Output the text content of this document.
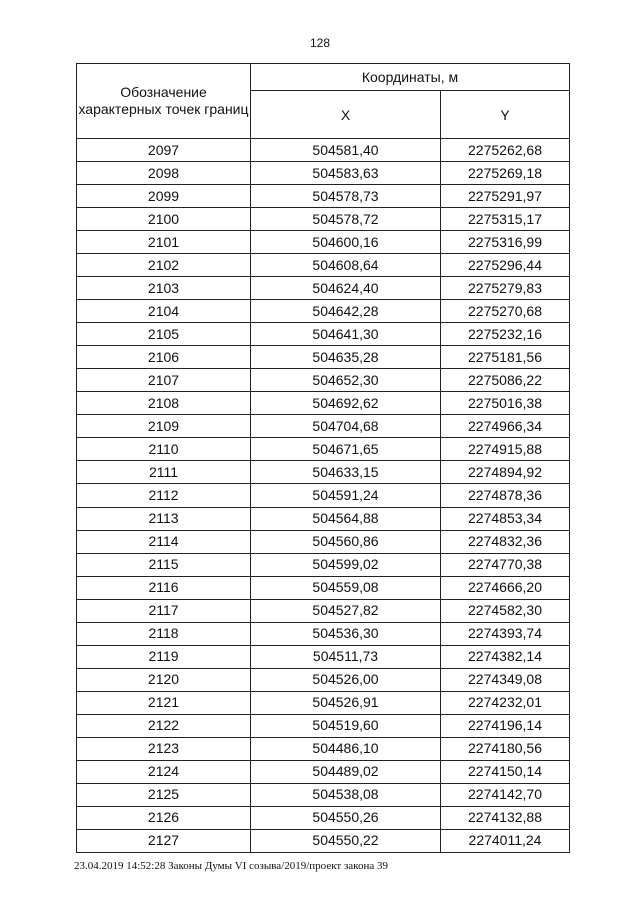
128
Обозначение характерных точек границ	Координаты, м	
	X	Y
2097	504581,40	2275262,68
2098	504583,63	2275269,18
2099	504578,73	2275291,97
2100	504578,72	2275315,17
2101	504600,16	2275316,99
2102	504608,64	2275296,44
2103	504624,40	2275279,83
2104	504642,28	2275270,68
2105	504641,30	2275232,16
2106	504635,28	2275181,56
2107	504652,30	2275086,22
2108	504692,62	2275016,38
2109	504704,68	2274966,34
2110	504671,65	2274915,88
2111	504633,15	2274894,92
2112	504591,24	2274878,36
2113	504564,88	2274853,34
2114	504560,86	2274832,36
2115	504599,02	2274770,38
2116	504559,08	2274666,20
2117	504527,82	2274582,30
2118	504536,30	2274393,74
2119	504511,73	2274382,14
2120	504526,00	2274349,08
2121	504526,91	2274232,01
2122	504519,60	2274196,14
2123	504486,10	2274180,56
2124	504489,02	2274150,14
2125	504538,08	2274142,70
2126	504550,26	2274132,88
2127	504550,22	2274011,24
23.04.2019 14:52:28 Законы Думы VI созыва/2019/проект закона 39
